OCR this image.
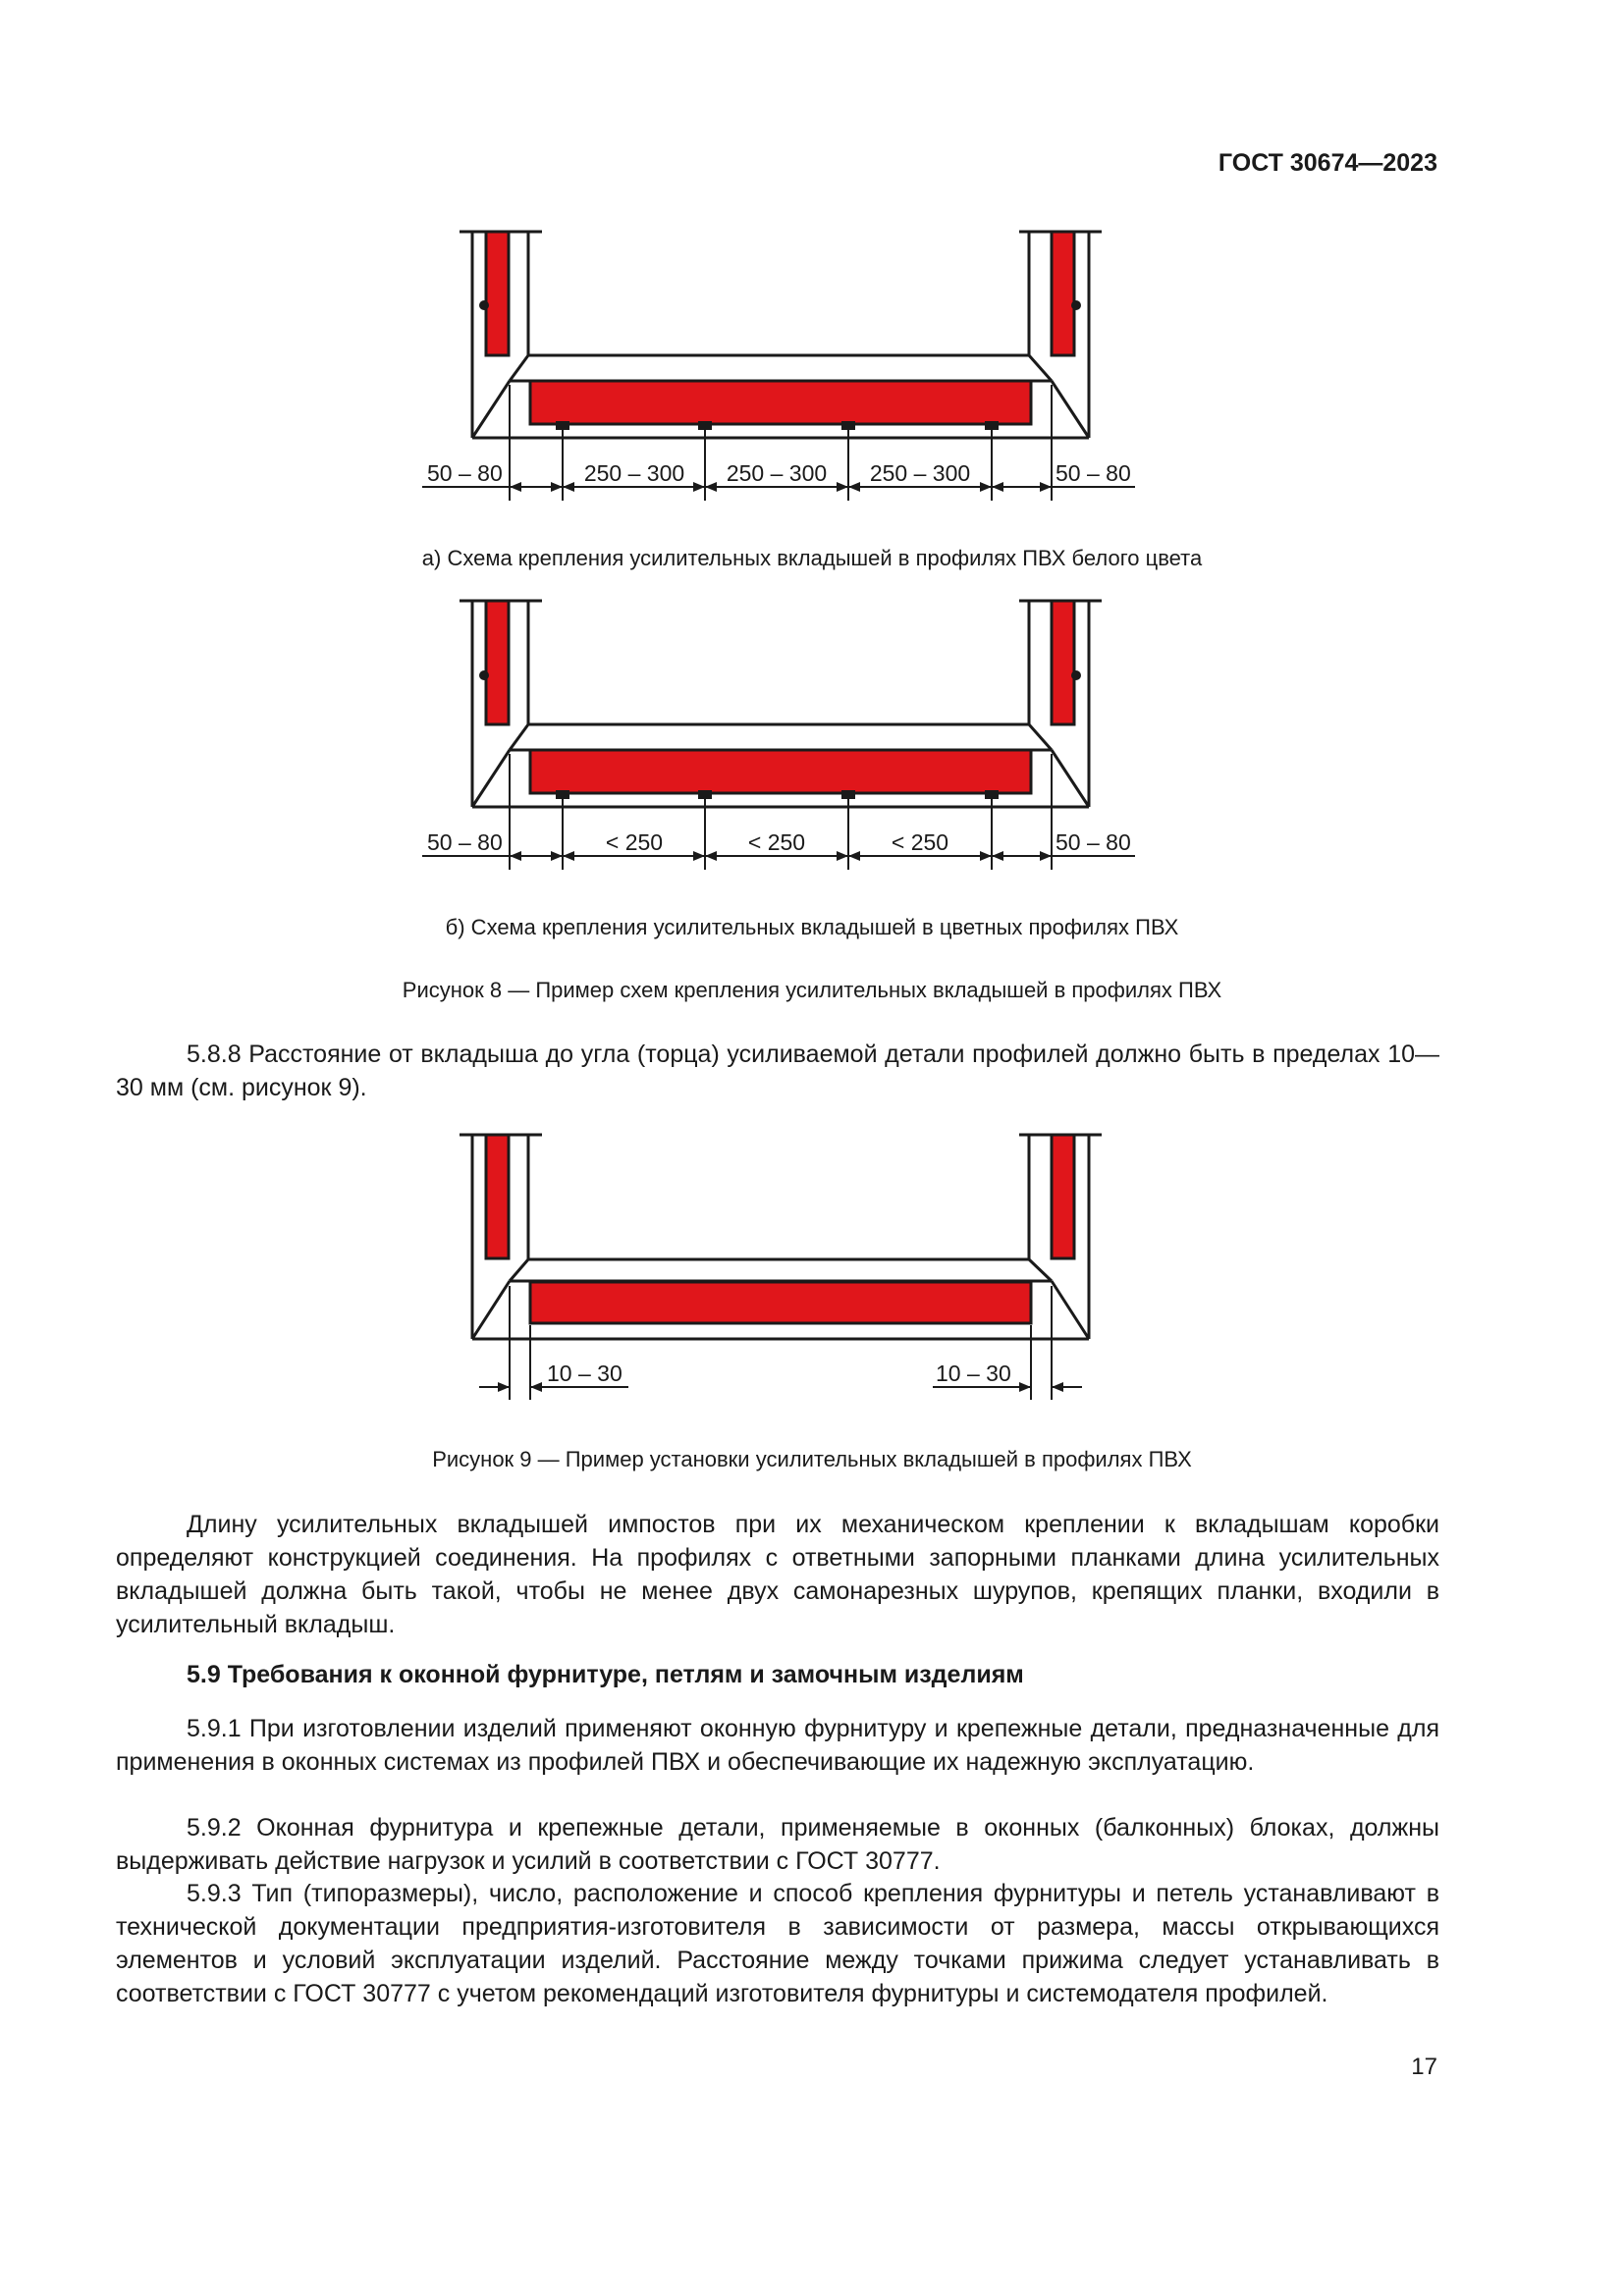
ГОСТ 30674—2023
50 – 80	250 – 300 250 – 300 250 – 300	50 – 80
а) Схема крепления усилительных вкладышей в профилях ПВХ белого цвета
50 – 80	< 250	< 250	< 250	50 – 80
б) Схема крепления усилительных вкладышей в цветных профилях ПВХ
Рисунок 8 — Пример схем крепления усилительных вкладышей в профилях ПВХ

5.8.8 Расстояние от вкладыша до угла (торца) усиливаемой детали профилей должно быть в пределах 10—30 мм (см. рисунок 9).

10 – 30	10 – 30
Рисунок 9 — Пример установки усилительных вкладышей в профилях ПВХ

Длину усилительных вкладышей импостов при их механическом креплении к вкладышам коробки определяют конструкцией соединения. На профилях с ответными запорными планками длина усилительных вкладышей должна быть такой, чтобы не менее двух самонарезных шурупов, крепящих планки, входили в усилительный вкладыш.

5.9 Требования к оконной фурнитуре, петлям и замочным изделиям

5.9.1 При изготовлении изделий применяют оконную фурнитуру и крепежные детали, предназначенные для применения в оконных системах из профилей ПВХ и обеспечивающие их надежную эксплуатацию.

5.9.2 Оконная фурнитура и крепежные детали, применяемые в оконных (балконных) блоках, должны выдерживать действие нагрузок и усилий в соответствии с ГОСТ 30777.

5.9.3 Тип (типоразмеры), число, расположение и способ крепления фурнитуры и петель устанавливают в технической документации предприятия-изготовителя в зависимости от размера, массы открывающихся элементов и условий эксплуатации изделий. Расстояние между точками прижима следует устанавливать в соответствии с ГОСТ 30777 с учетом рекомендаций изготовителя фурнитуры и системодателя профилей.

17
